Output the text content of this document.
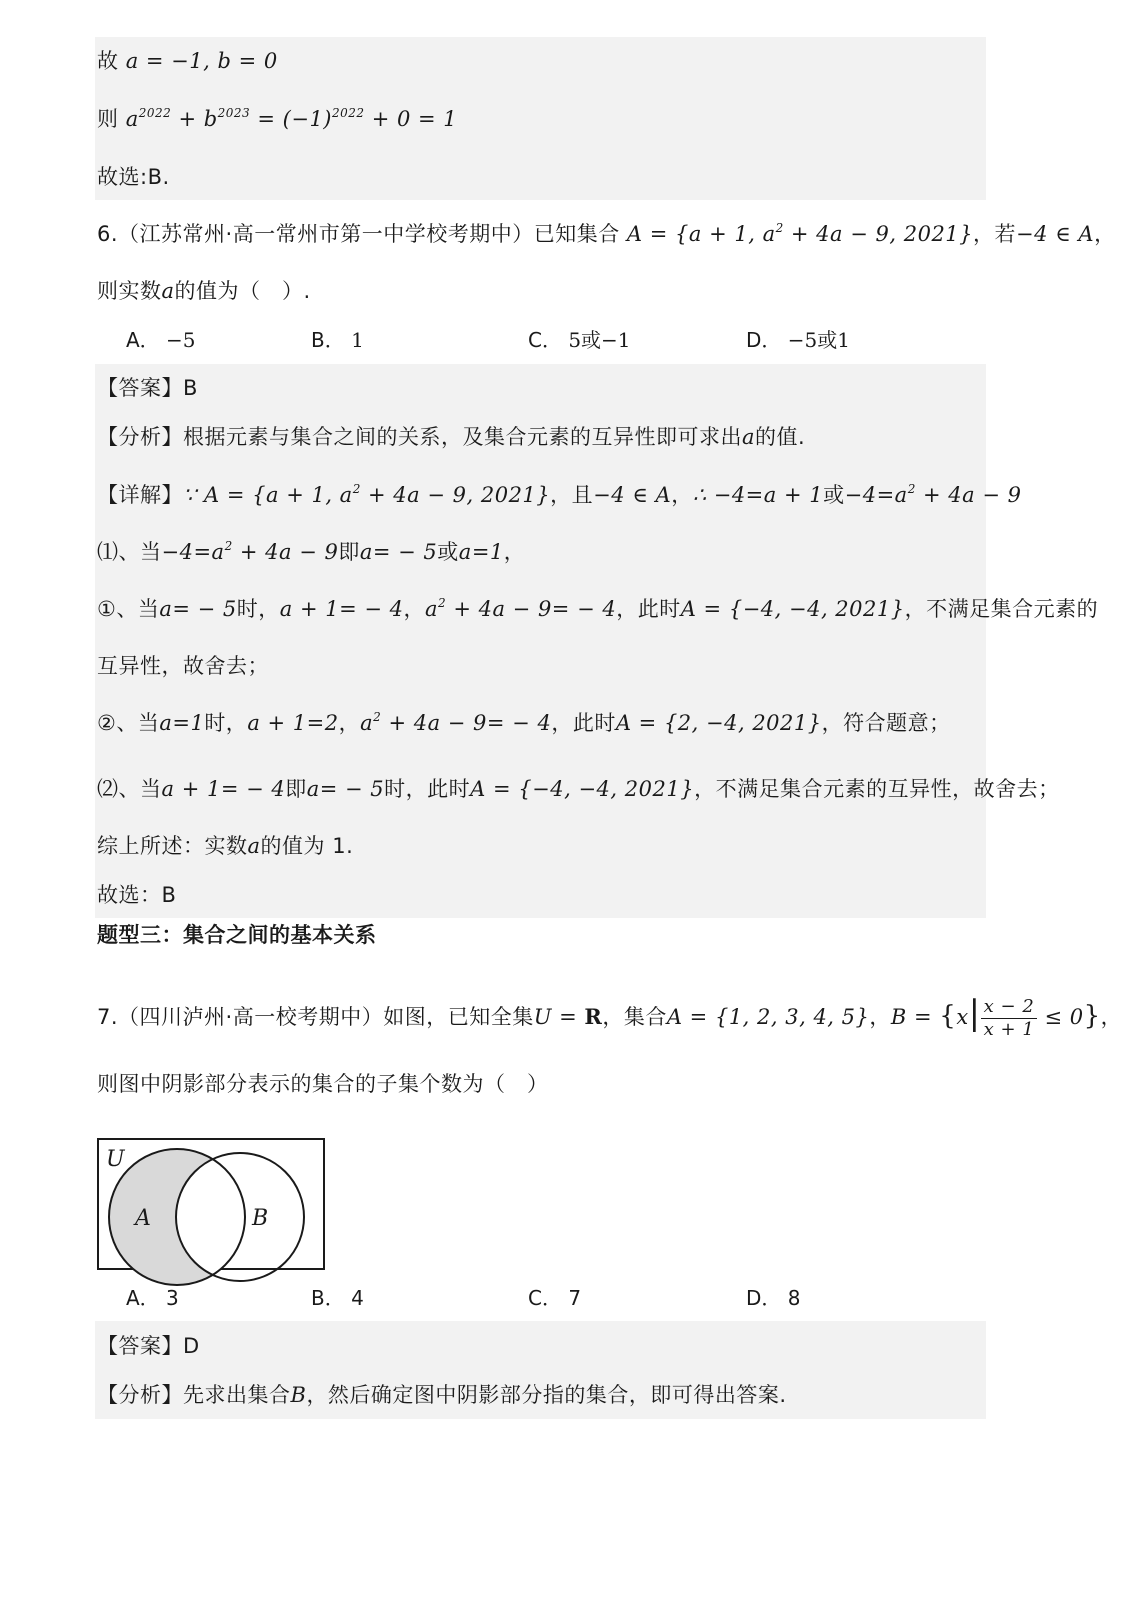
故 a = −1, b = 0
则 $a^{2022} + b^{2023} = (-1)^{2022} + 0 = 1$
故选:B.
6.（江苏常州·高一常州市第一中学校考期中）已知集合 A = {a + 1, $a^2 + 4a - 9$, 2021}，若−4 ∈ A，
则实数a的值为（　）.
A． −5	B． 1	C． 5或−1	D． −5或1
【答案】B
【分析】根据元素与集合之间的关系，及集合元素的互异性即可求出a的值.
【详解】∵ A = {a + 1, $a^2 + 4a - 9$, 2021}，且−4 ∈ A，∴ −4=a + 1或$-4=a^2 + 4a - 9$
⑴、当$-4=a^2 + 4a - 9$即a= − 5或a=1，
①、当a= − 5时，a + 1= − 4，$a^2 + 4a - 9= - 4$，此时A = {−4, −4, 2021}，不满足集合元素的
互异性，故舍去；
②、当a=1时，a + 1=2，$a^2 + 4a - 9= - 4$，此时A = {2, −4, 2021}，符合题意；
⑵、当a + 1= − 4即a= − 5时，此时A = {−4, −4, 2021}，不满足集合元素的互异性，故舍去；
综上所述：实数a的值为 1.
故选：B
题型三：集合之间的基本关系
7.（四川泸州·高一校考期中）如图，已知全集U = R，集合A = {1, 2, 3, 4, 5}，$B = \{x| \frac{x - 2}{x + 1} \le 0\}$，
则图中阴影部分表示的集合的子集个数为（　）
U
A	B
A． 3	B． 4	C． 7	D． 8
【答案】D
【分析】先求出集合B，然后确定图中阴影部分指的集合，即可得出答案.
